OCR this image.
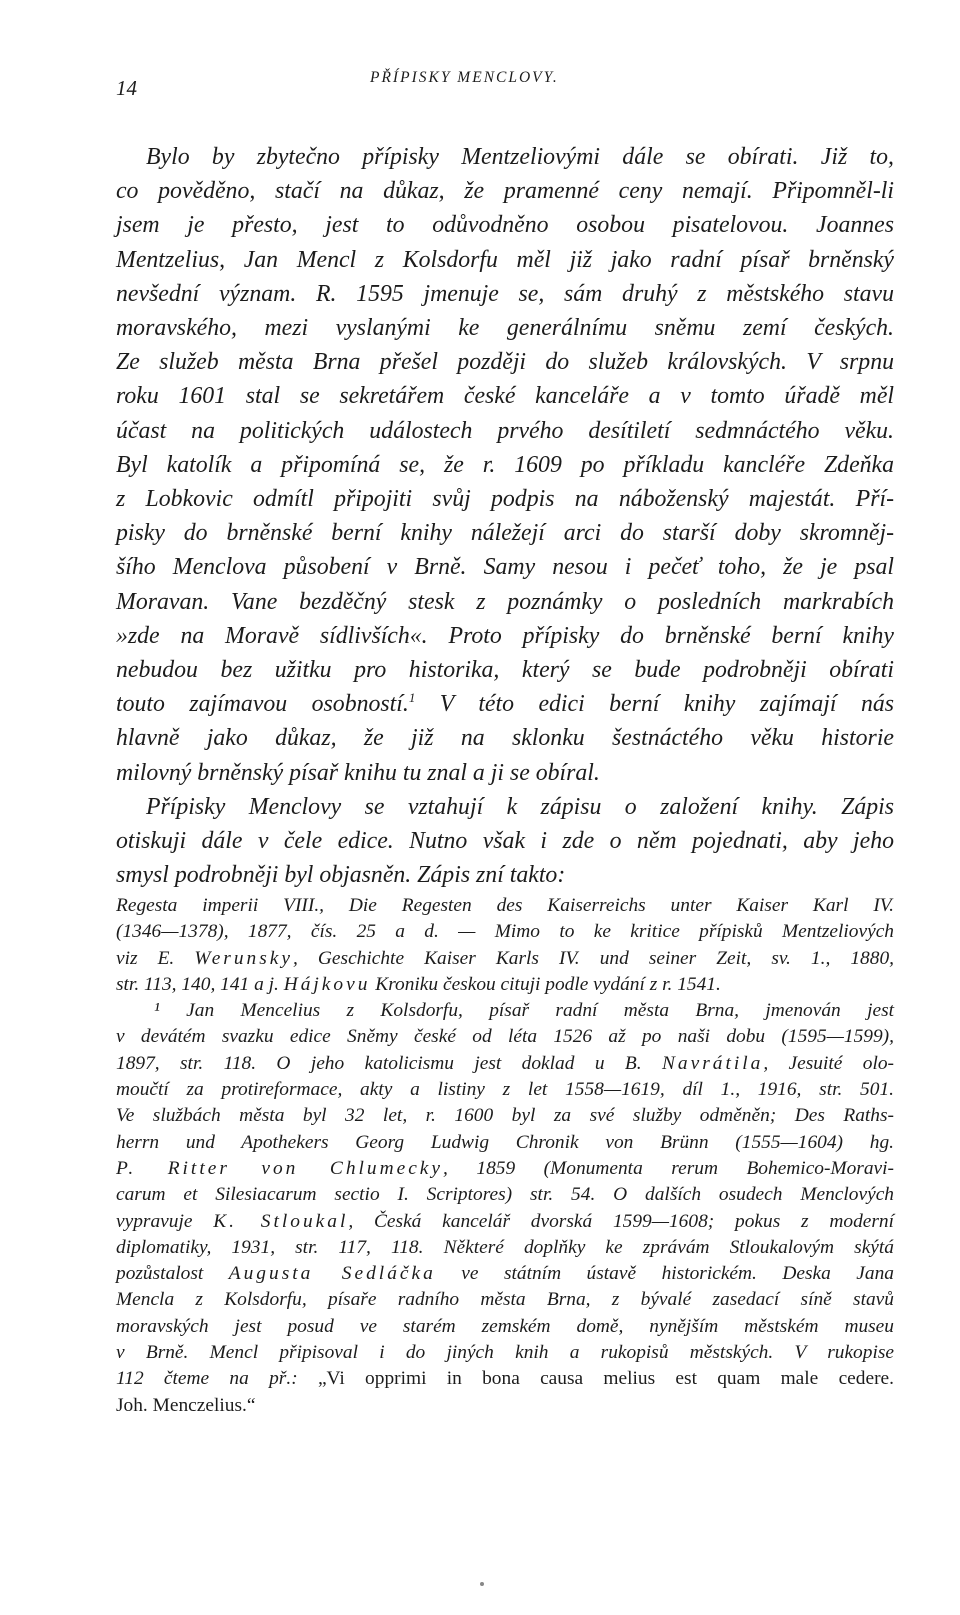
14	PŘÍPISKY MENCLOVY.

Bylo by zbytečno přípisky Mentzeliovými dále se obírati. Již to,
co pověděno, stačí na důkaz, že pramenné ceny nemají. Připomněl-li
jsem je přesto, jest to odůvodněno osobou pisatelovou. Joannes
Mentzelius, Jan Mencl z Kolsdorfu měl již jako radní písař brněnský
nevšední význam. R. 1595 jmenuje se, sám druhý z městského stavu
moravského, mezi vyslanými ke generálnímu sněmu zemí českých.
Ze služeb města Brna přešel později do služeb královských. V srpnu
roku 1601 stal se sekretářem české kanceláře a v tomto úřadě měl
účast na politických událostech prvého desítiletí sedmnáctého věku.
Byl katolík a připomíná se, že r. 1609 po příkladu kancléře Zdeňka
z Lobkovic odmítl připojiti svůj podpis na náboženský majestát. Pří-
pisky do brněnské berní knihy náležejí arci do starší doby skromněj-
šího Menclova působení v Brně. Samy nesou i pečeť toho, že je psal
Moravan. Vane bezděčný stesk z poznámky o posledních markrabích
»zde na Moravě sídlivších«. Proto přípisky do brněnské berní knihy
nebudou bez užitku pro historika, který se bude podrobněji obírati
touto zajímavou osobností.$^1$ V této edici berní knihy zajímají nás
hlavně jako důkaz, že již na sklonku šestnáctého věku historie
milovný brněnský písař knihu tu znal a ji se obíral.

Přípisky Menclovy se vztahují k zápisu o založení knihy. Zápis
otiskuji dále v čele edice. Nutno však i zde o něm pojednati, aby jeho
smysl podrobněji byl objasněn. Zápis zní takto:

Regesta imperii VIII., Die Regesten des Kaiserreichs unter Kaiser Karl IV.
(1346—1378), 1877, čís. 25 a d. — Mimo to ke kritice přípisků Mentzeliových
viz E. Werunsky, Geschichte Kaiser Karls IV. und seiner Zeit, sv. 1., 1880,
str. 113, 140, 141 a j. Hájkovu Kroniku českou cituji podle vydání z r. 1541.
¹ Jan Mencelius z Kolsdorfu, písař radní města Brna, jmenován jest
v devátém svazku edice Sněmy české od léta 1526 až po naši dobu (1595—1599),
1897, str. 118. O jeho katolicismu jest doklad u B. Navrátila, Jesuité olo-
moučtí za protireformace, akty a listiny z let 1558—1619, díl 1., 1916, str. 501.
Ve službách města byl 32 let, r. 1600 byl za své služby odměněn; Des Raths-
herrn und Apothekers Georg Ludwig Chronik von Brünn (1555—1604) hg.
P. Ritter von Chlumecky, 1859 (Monumenta rerum Bohemico-Moravi-
carum et Silesiacarum sectio I. Scriptores) str. 54. O dalších osudech Menclových
vypravuje K. Stloukal, Česká kancelář dvorská 1599—1608; pokus z moderní
diplomatiky, 1931, str. 117, 118. Některé doplňky ke zprávám Stloukalovým skýtá
pozůstalost Augusta Sedláčka ve státním ústavě historickém. Deska Jana
Mencla z Kolsdorfu, písaře radního města Brna, z bývalé zasedací síně stavů
moravských jest posud ve starém zemském domě, nynějším městském museu
v Brně. Mencl připisoval i do jiných knih a rukopisů městských. V rukopise
112 čteme na př.: „Vi opprimi in bona causa melius est quam male cedere.
Joh. Menczelius.“
